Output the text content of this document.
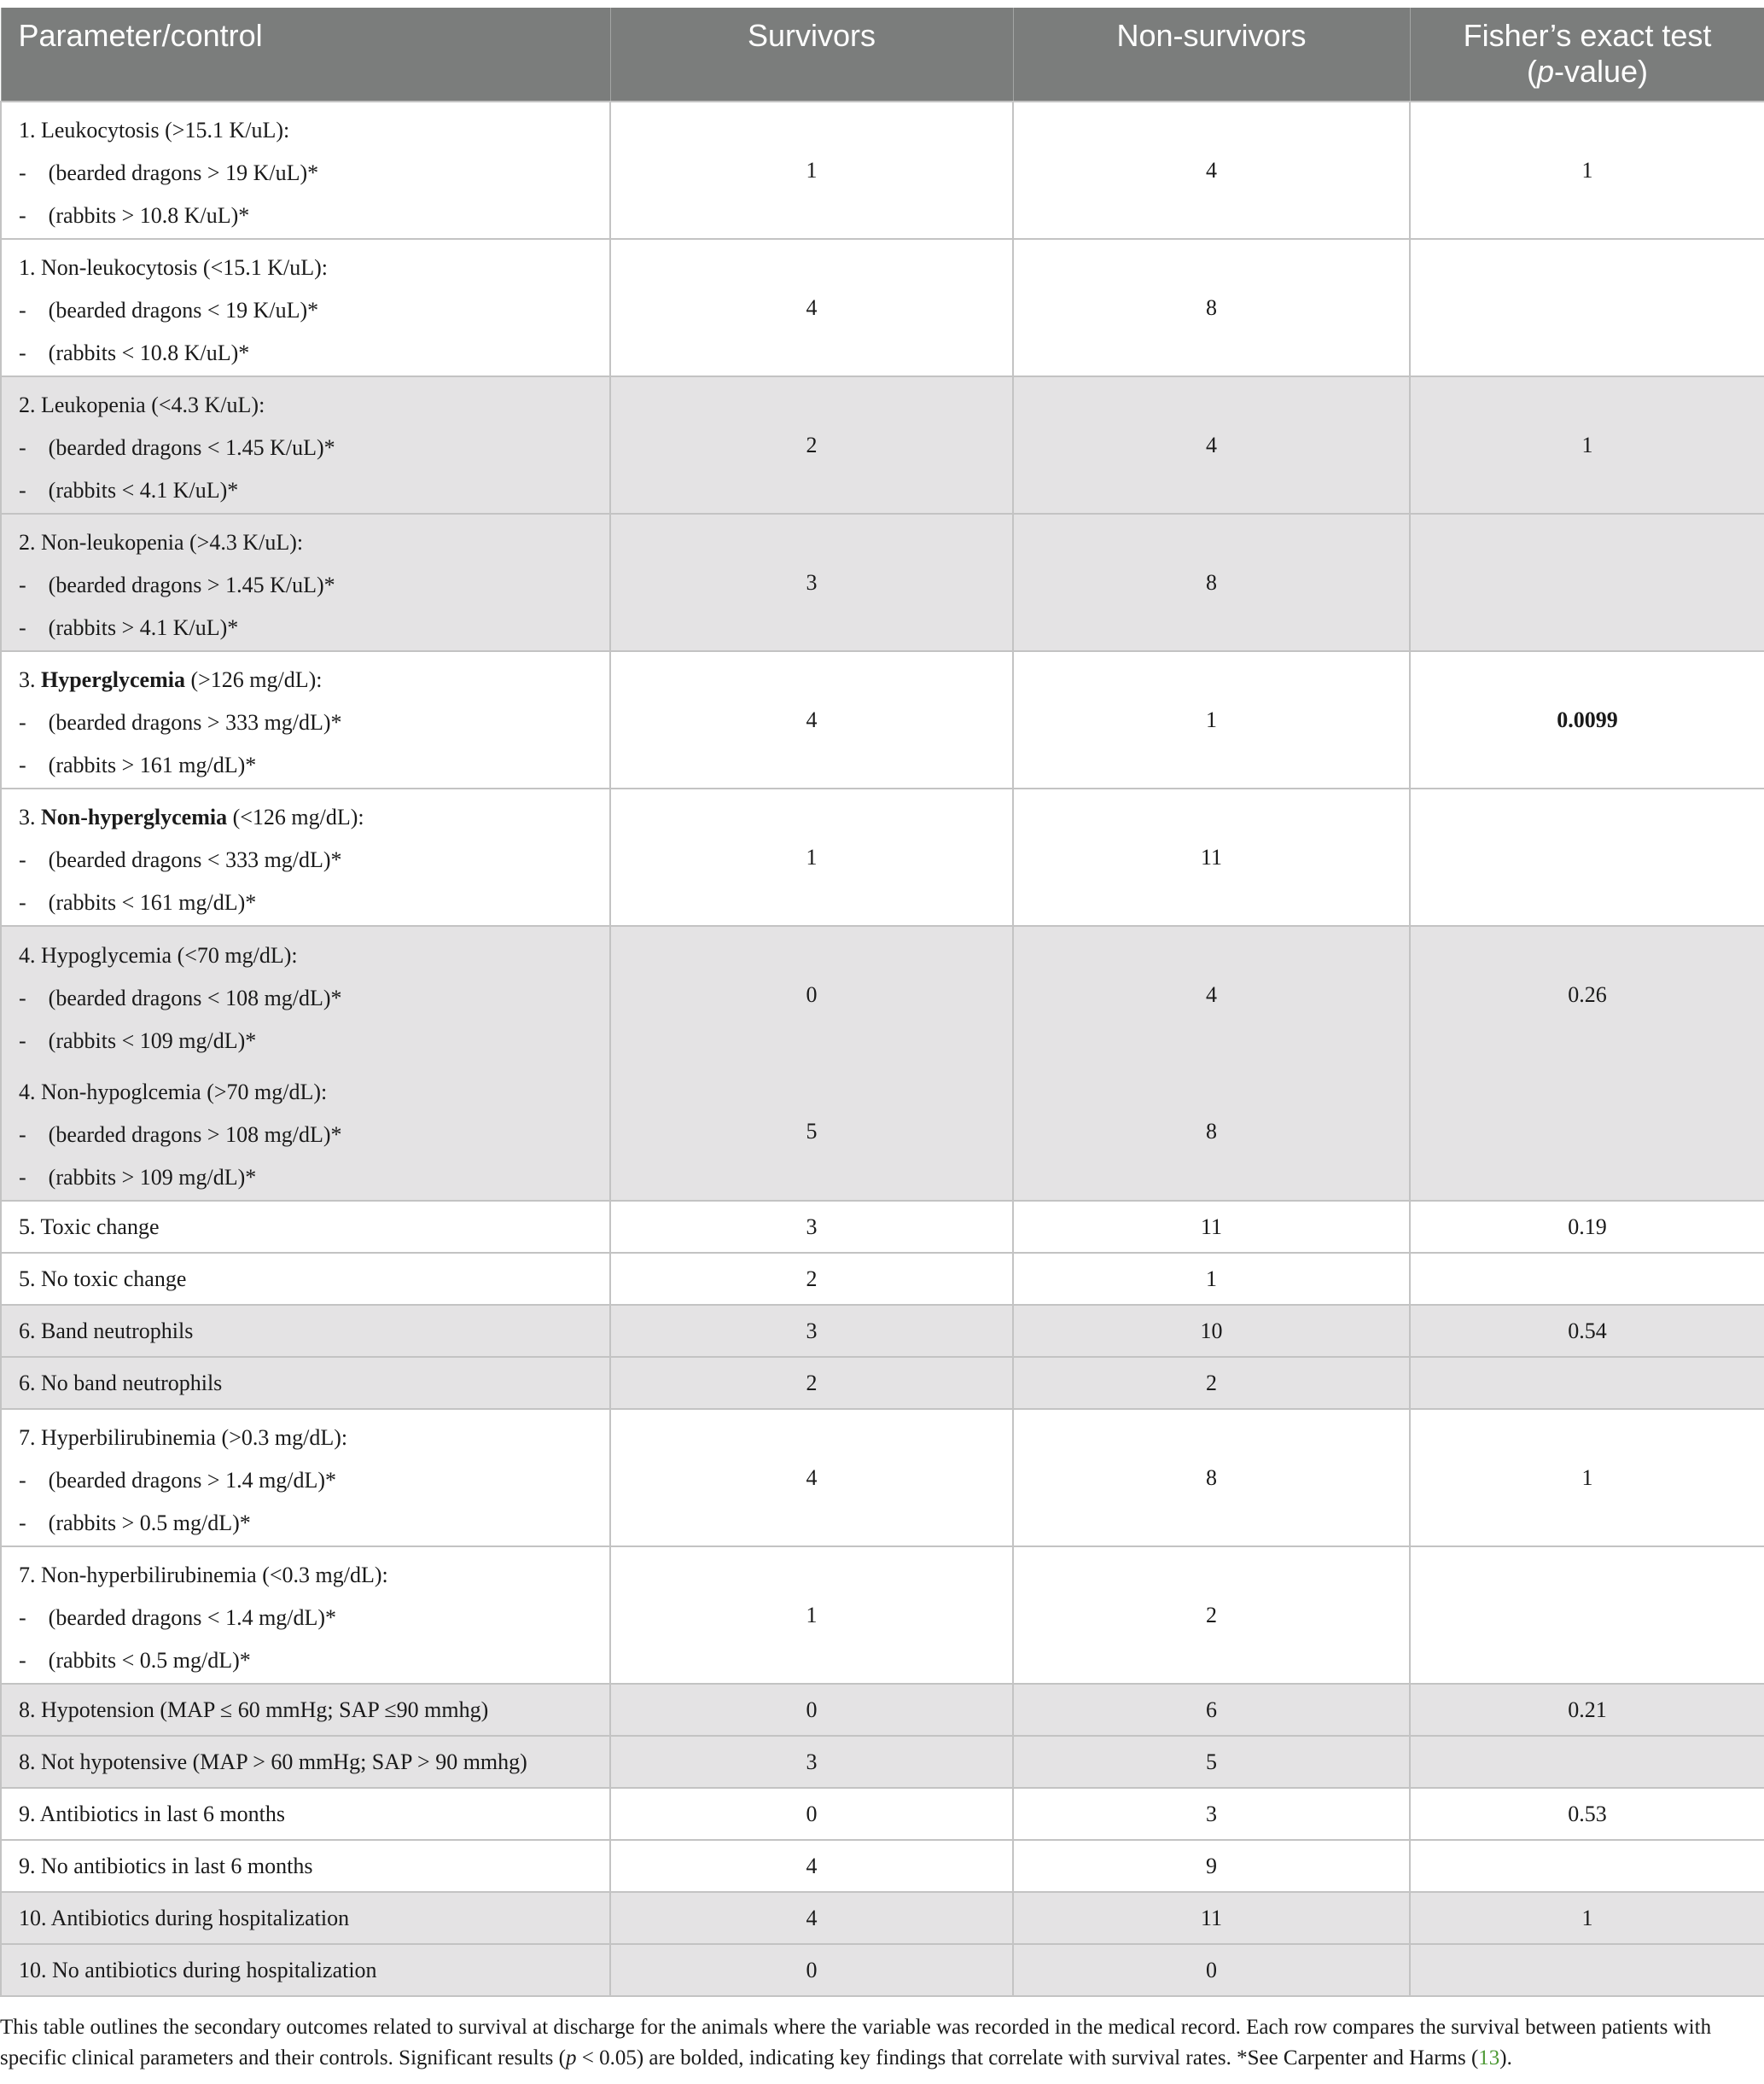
Parameter/control	Survivors	Non-survivors	Fisher’s exact test
(p-value)

1. Leukocytosis (>15.1 K/uL):
-    (bearded dragons > 19 K/uL)*
-    (rabbits > 10.8 K/uL)*	1	4	1

1. Non-leukocytosis (<15.1 K/uL):
-    (bearded dragons < 19 K/uL)*
-    (rabbits < 10.8 K/uL)*	4	8	

2. Leukopenia (<4.3 K/uL):
-    (bearded dragons < 1.45 K/uL)*
-    (rabbits < 4.1 K/uL)*	2	4	1

2. Non-leukopenia (>4.3 K/uL):
-    (bearded dragons > 1.45 K/uL)*
-    (rabbits > 4.1 K/uL)*	3	8	

3. Hyperglycemia (>126 mg/dL):
-    (bearded dragons > 333 mg/dL)*
-    (rabbits > 161 mg/dL)*	4	1	0.0099

3. Non-hyperglycemia (<126 mg/dL):
-    (bearded dragons < 333 mg/dL)*
-    (rabbits < 161 mg/dL)*	1	11	

4. Hypoglycemia (<70 mg/dL):
-    (bearded dragons < 108 mg/dL)*
-    (rabbits < 109 mg/dL)*	0	4	0.26

4. Non-hypoglcemia (>70 mg/dL):
-    (bearded dragons > 108 mg/dL)*
-    (rabbits > 109 mg/dL)*	5	8	
5. Toxic change	3	11	0.19
5. No toxic change	2	1	
6. Band neutrophils	3	10	0.54
6. No band neutrophils	2	2	

7. Hyperbilirubinemia (>0.3 mg/dL):
-    (bearded dragons > 1.4 mg/dL)*
-    (rabbits > 0.5 mg/dL)*	4	8	1

7. Non-hyperbilirubinemia (<0.3 mg/dL):
-    (bearded dragons < 1.4 mg/dL)*
-    (rabbits < 0.5 mg/dL)*	1	2	
8. Hypotension (MAP ≤ 60 mmHg; SAP ≤90 mmhg)	0	6	0.21
8. Not hypotensive (MAP > 60 mmHg; SAP > 90 mmhg)	3	5	
9. Antibiotics in last 6 months	0	3	0.53
9. No antibiotics in last 6 months	4	9	
10. Antibiotics during hospitalization	4	11	1
10. No antibiotics during hospitalization	0	0	
This table outlines the secondary outcomes related to survival at discharge for the animals where the variable was recorded in the medical record. Each row compares the survival between patients with specific clinical parameters and their controls. Significant results (p < 0.05) are bolded, indicating key findings that correlate with survival rates. *See Carpenter and Harms (13).
